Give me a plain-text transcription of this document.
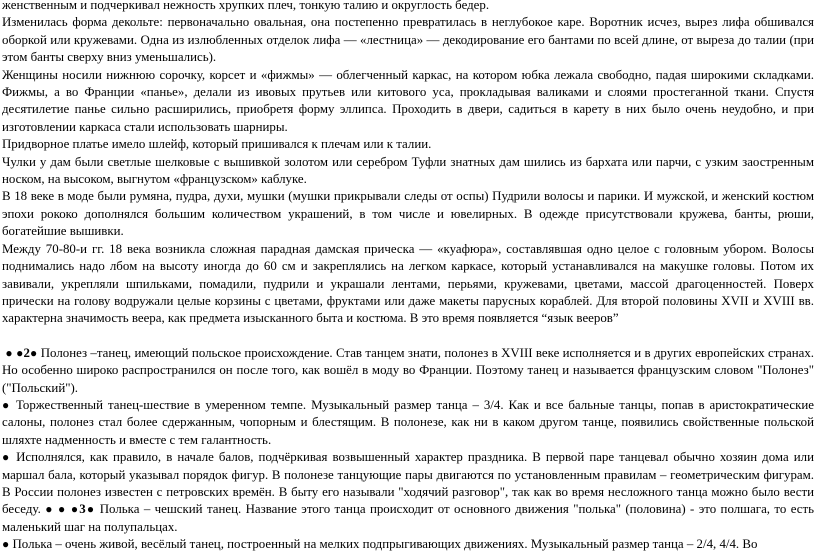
женственным и подчеркивал нежность хрупких плеч, тонкую талию и округлость бедер.

Изменилась форма декольте: первоначально овальная, она постепенно превратилась в неглубокое каре. Воротник исчез, вырез лифа обшивался оборкой или кружевами. Одна из излюбленных отделок лифа — «лестница» — декодирование его бантами по всей длине, от выреза до талии (при этом банты сверху вниз уменьшались).

Женщины носили нижнюю сорочку, корсет и «фижмы» — облегченный каркас, на котором юбка лежала свободно, падая широкими складками. Фижмы, а во Франции «панье», делали из ивовых прутьев или китового уса, прокладывая валиками и слоями простеганной ткани. Спустя десятилетие панье сильно расширились, приобретя форму эллипса. Проходить в двери, садиться в карету в них было очень неудобно, и при изготовлении каркаса стали использовать шарниры.

Придворное платье имело шлейф, который пришивался к плечам или к талии.

Чулки у дам были светлые шелковые с вышивкой золотом или серебром Туфли знатных дам шились из бархата или парчи, с узким заостренным носком, на высоком, выгнутом «французском» каблуке.

В 18 веке в моде были румяна, пудра, духи, мушки (мушки прикрывали следы от оспы) Пудрили волосы и парики. И мужской, и женский костюм эпохи рококо дополнялся большим количеством украшений, в том числе и ювелирных. В одежде присутствовали кружева, банты, рюши, богатейшие вышивки.

Между 70-80-и гг. 18 века возникла сложная парадная дамская прическа — «куафюра», составлявшая одно целое с головным убором. Волосы поднимались надо лбом на высоту иногда до 60 см и закреплялись на легком каркасе, который устанавливался на макушке головы. Потом их завивали, укрепляли шпильками, помадили, пудрили и украшали лентами, перьями, кружевами, цветами, массой драгоценностей. Поверх прически на голову водружали целые корзины с цветами, фруктами или даже макеты парусных кораблей. Для второй половины XVII и XVIII вв. характерна значимость веера, как предмета изысканного быта и костюма. В это время появляется “язык вееров”

● ●2● Полонез –танец, имеющий польское происхождение. Став танцем знати, полонез в XVIII веке исполняется и в других европейских странах. Но особенно широко распространился он после того, как вошёл в моду во Франции. Поэтому танец и называется французским словом "Полонез" ("Польский").

● Торжественный танец-шествие в умеренном темпе. Музыкальный размер танца – 3/4. Как и все бальные танцы, попав в аристократические салоны, полонез стал более сдержанным, чопорным и блестящим. В полонезе, как ни в каком другом танце, появились свойственные польской шляхте надменность и вместе с тем галантность.

● Исполнялся, как правило, в начале балов, подчёркивая возвышенный характер праздника. В первой паре танцевал обычно хозяин дома или маршал бала, который указывал порядок фигур. В полонезе танцующие пары двигаются по установленным правилам – геометрическим фигурам. В России полонез известен с петровских времён. В быту его называли "ходячий разговор", так как во время несложного танца можно было вести беседу. ● ● ●3● Полька – чешский танец. Название этого танца происходит от основного движения "полька" (половина) - это полшага, то есть маленький шаг на полупальцах.

● Полька – очень живой, весёлый танец, построенный на мелких подпрыгивающих движениях. Музыкальный размер танца – 2/4, 4/4. Во
